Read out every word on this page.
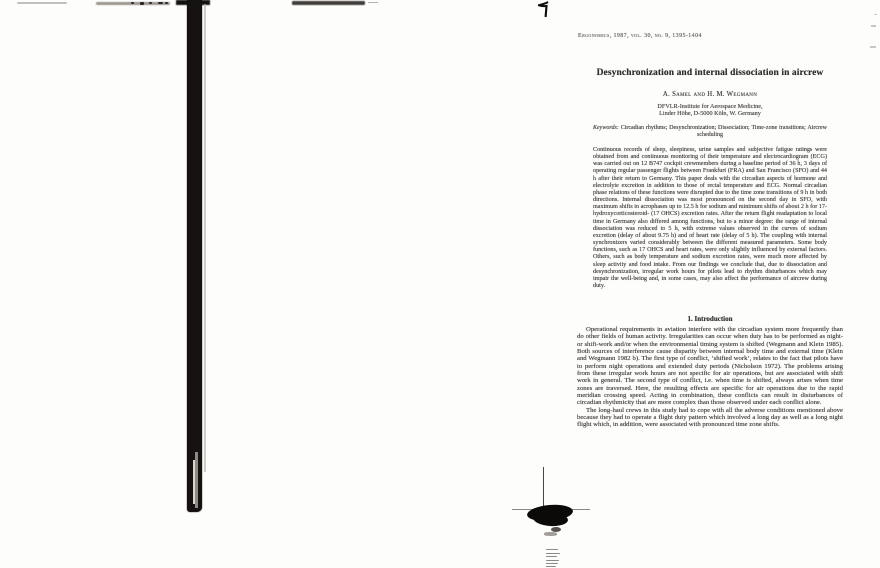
Ergonomics, 1987, vol. 30, no. 9, 1395-1404
Desynchronization and internal dissociation in aircrew
A. Samel and H. M. Wegmann
DFVLR-Institute for Aerospace Medicine,
Linder Höhe, D-5000 Köln, W. Germany
Keywords: Circadian rhythms; Desynchronization; Dissociation; Time-zone transitions; Aircrew scheduling
Continuous records of sleep, sleepiness, urine samples and subjective fatigue ratings were obtained from and continuous monitoring of their temperature and electrocardiogram (ECG) was carried out on 12 B747 cockpit crewmembers during a baseline period of 36 h, 3 days of operating regular passenger flights between Frankfurt (FRA) and San Francisco (SFO) and 44 h after their return to Germany. This paper deals with the circadian aspects of hormone and electrolyte excretion in addition to those of rectal temperature and ECG. Normal circadian phase relations of these functions were disrupted due to the time zone transitions of 9 h in both directions. Internal dissociation was most pronounced on the second day in SFO, with maximum shifts in acrophases up to 12.5 h for sodium and minimum shifts of about 2 h for 17-hydroxycorticosteroid- (17 OHCS) excretion rates. After the return flight readaptation to local time in Germany also differed among functions, but to a minor degree: the range of internal dissociation was reduced to 5 h, with extreme values observed in the curves of sodium excretion (delay of about 9.75 h) and of heart rate (delay of 5 h). The coupling with internal synchronizers varied considerably between the different measured parameters. Some body functions, such as 17 OHCS and heart rates, were only slightly influenced by external factors. Others, such as body temperature and sodium excretion rates, were much more affected by sleep activity and food intake. From our findings we conclude that, due to dissociation and desynchronization, irregular work hours for pilots lead to rhythm disturbances which may impair the well-being and, in some cases, may also affect the performance of aircrew during duty.
1. Introduction

Operational requirements in aviation interfere with the circadian system more frequently than do other fields of human activity. Irregularities can occur when duty has to be performed as night- or shift-work and/or when the environmental timing system is shifted (Wegmann and Klein 1985). Both sources of interference cause disparity between internal body time and external time (Klein and Wegmann 1982 b). The first type of conflict, ‘shifted work’, relates to the fact that pilots have to perform night operations and extended duty periods (Nicholson 1972). The problems arising from these irregular work hours are not specific for air operations, but are associated with shift work in general. The second type of conflict, i.e. when time is shifted, always arises when time zones are traversed. Here, the resulting effects are specific for air operations due to the rapid meridian crossing speed. Acting in combination, these conflicts can result in disturbances of circadian rhythmicity that are more complex than those observed under each conflict alone.

The long-haul crews in this study had to cope with all the adverse conditions mentioned above because they had to operate a flight duty pattern which involved a long day as well as a long night flight which, in addition, were associated with pronounced time zone shifts.
